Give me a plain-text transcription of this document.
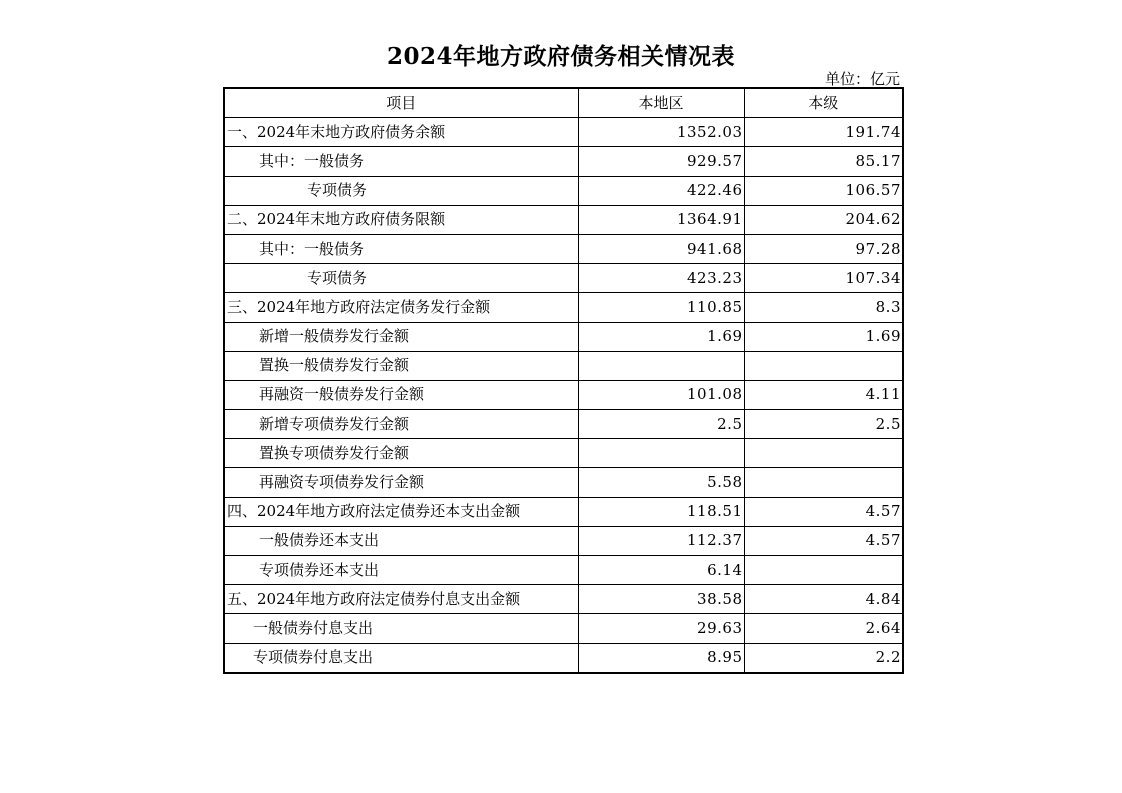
2024年地方政府债务相关情况表
单位：亿元
项目	本地区	本级
一、2024年末地方政府债务余额	1352.03	191.74
其中：一般债务	929.57	85.17
专项债务	422.46	106.57
二、2024年末地方政府债务限额	1364.91	204.62
其中：一般债务	941.68	97.28
专项债务	423.23	107.34
三、2024年地方政府法定债务发行金额	110.85	8.3
新增一般债券发行金额	1.69	1.69
置换一般债券发行金额		
再融资一般债券发行金额	101.08	4.11
新增专项债券发行金额	2.5	2.5
置换专项债券发行金额		
再融资专项债券发行金额	5.58	
四、2024年地方政府法定债券还本支出金额	118.51	4.57
一般债券还本支出	112.37	4.57
专项债券还本支出	6.14	
五、2024年地方政府法定债券付息支出金额	38.58	4.84
一般债券付息支出	29.63	2.64
专项债券付息支出	8.95	2.2
